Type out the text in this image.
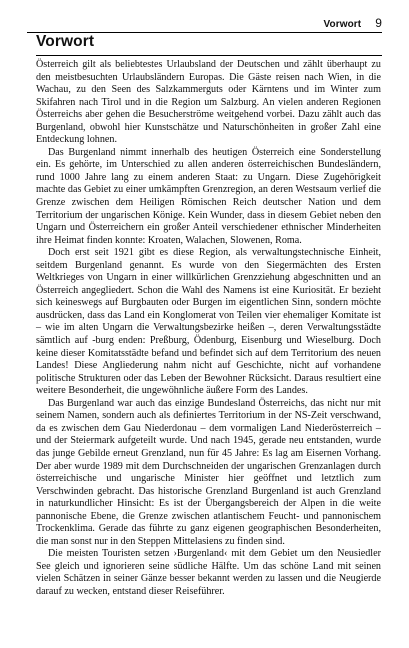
Vorwort 9
Vorwort

Österreich gilt als beliebtestes Urlaubsland der Deutschen und zählt überhaupt zu den meistbesuchten Urlaubsländern Europas. Die Gäste reisen nach Wien, in die Wachau, zu den Seen des Salzkammerguts oder Kärntens und im Winter zum Skifahren nach Tirol und in die Region um Salzburg. An vielen anderen Regionen Österreichs aber gehen die Besucherströme weitgehend vorbei. Dazu zählt auch das Burgenland, obwohl hier Kunstschätze und Naturschönheiten in großer Zahl eine Entdeckung lohnen.

Das Burgenland nimmt innerhalb des heutigen Österreich eine Sonderstellung ein. Es gehörte, im Unterschied zu allen anderen österreichischen Bundesländern, rund 1000 Jahre lang zu einem anderen Staat: zu Ungarn. Diese Zugehörigkeit machte das Gebiet zu einer umkämpften Grenzregion, an deren Westsaum verlief die Grenze zwischen dem Heiligen Römischen Reich deutscher Nation und dem Territorium der ungarischen Könige. Kein Wunder, dass in diesem Gebiet neben den Ungarn und Österreichern ein großer Anteil verschiedener ethnischer Minderheiten ihre Heimat finden konnte: Kroaten, Walachen, Slowenen, Roma.

Doch erst seit 1921 gibt es diese Region, als verwaltungstechnische Einheit, seitdem Burgenland genannt. Es wurde von den Siegermächten des Ersten Weltkrieges von Ungarn in einer willkürlichen Grenzziehung abgeschnitten und an Österreich angegliedert. Schon die Wahl des Namens ist eine Kuriosität. Er bezieht sich keineswegs auf Burgbauten oder Burgen im eigentlichen Sinn, sondern möchte ausdrücken, dass das Land ein Konglomerat von Teilen vier ehemaliger Komitate ist – wie im alten Ungarn die Verwaltungsbezirke heißen –, deren Verwaltungsstädte sämtlich auf -burg enden: Preßburg, Ödenburg, Eisenburg und Wieselburg. Doch keine dieser Komitatsstädte befand und befindet sich auf dem Territorium des neuen Landes! Diese Angliederung nahm nicht auf Geschichte, nicht auf vorhandene politische Strukturen oder das Leben der Bewohner Rücksicht. Daraus resultiert eine weitere Besonderheit, die ungewöhnliche äußere Form des Landes.

Das Burgenland war auch das einzige Bundesland Österreichs, das nicht nur mit seinem Namen, sondern auch als definiertes Territorium in der NS-Zeit verschwand, da es zwischen dem Gau Niederdonau – dem vormaligen Land Niederösterreich – und der Steiermark aufgeteilt wurde. Und nach 1945, gerade neu entstanden, wurde das junge Gebilde erneut Grenzland, nun für 45 Jahre: Es lag am Eisernen Vorhang. Der aber wurde 1989 mit dem Durchschneiden der ungarischen Grenzanlagen durch österreichische und ungarische Minister hier geöffnet und letztlich zum Verschwinden gebracht. Das historische Grenzland Burgenland ist auch Grenzland in naturkundlicher Hinsicht: Es ist der Übergangsbereich der Alpen in die weite pannonische Ebene, die Grenze zwischen atlantischem Feucht- und pannonischem Trockenklima. Gerade das führte zu ganz eigenen geographischen Besonderheiten, die man sonst nur in den Steppen Mittelasiens zu finden sind.

Die meisten Touristen setzen ›Burgenland‹ mit dem Gebiet um den Neusiedler See gleich und ignorieren seine südliche Hälfte. Um das schöne Land mit seinen vielen Schätzen in seiner Gänze besser bekannt werden zu lassen und die Neugierde darauf zu wecken, entstand dieser Reiseführer.
